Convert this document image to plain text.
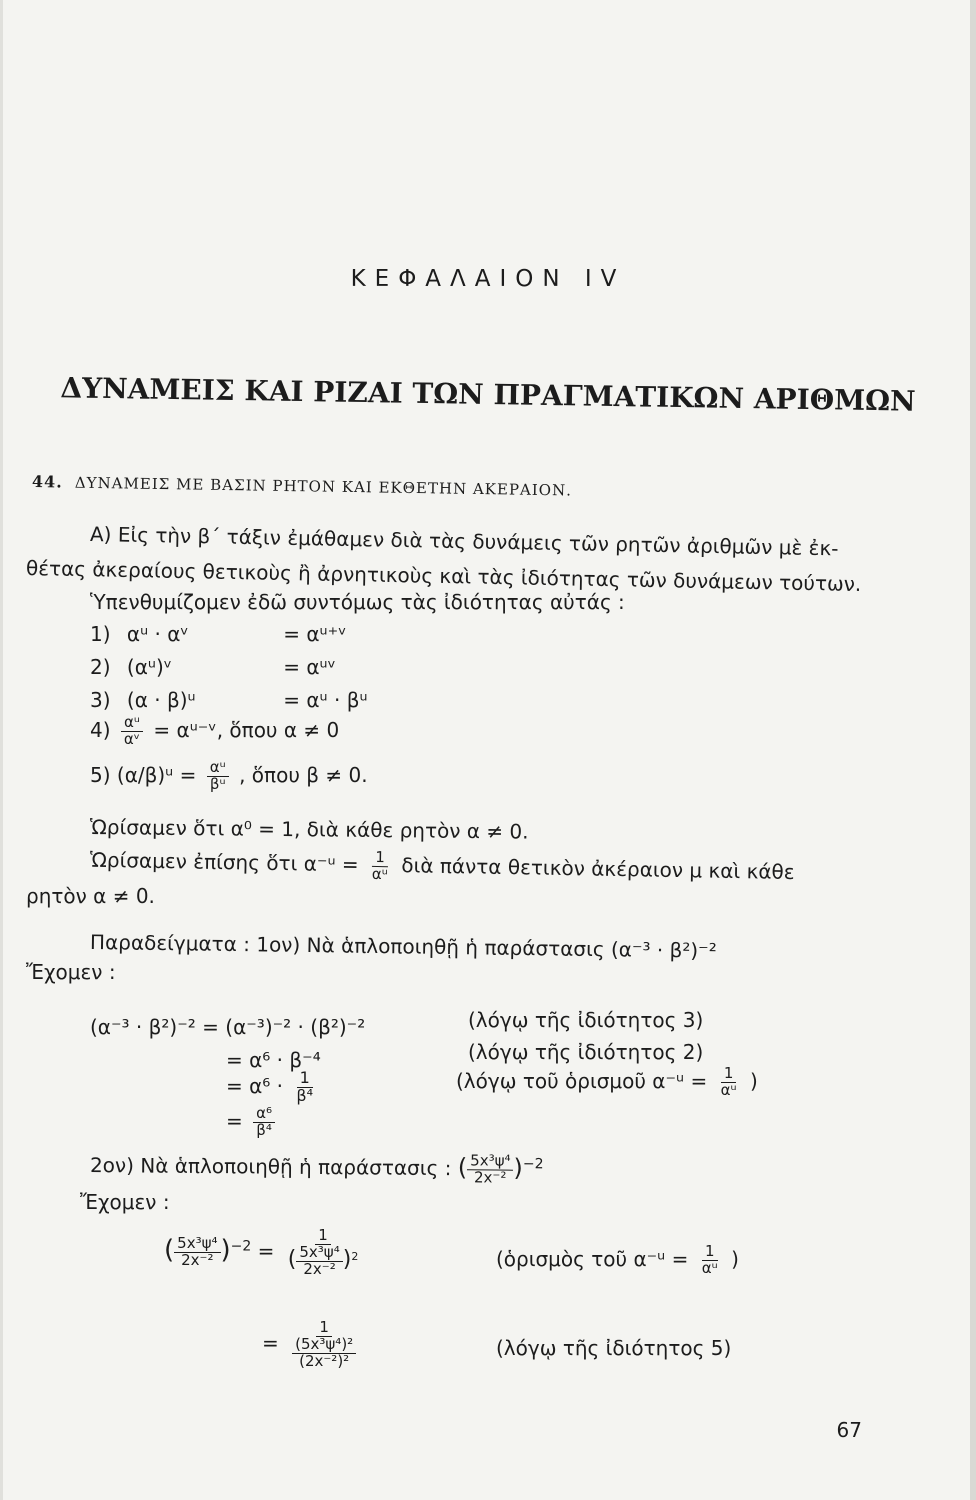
ΚΕΦΑΛΑΙΟΝ IV
ΔΥΝΑΜΕΙΣ ΚΑΙ ΡΙΖΑΙ ΤΩΝ ΠΡΑΓΜΑΤΙΚΩΝ ΑΡΙΘΜΩΝ
44. ΔΥΝΑΜΕΙΣ ΜΕ ΒΑΣΙΝ ΡΗΤΟΝ ΚΑΙ ΕΚΘΕΤΗΝ ΑΚΕΡΑΙΟΝ.
Α) Εἰς τὴν β΄ τάξιν ἐμάθαμεν διὰ τὰς δυνάμεις τῶν ρητῶν ἀριθμῶν μὲ ἐκ-
θέτας ἀκεραίους θετικοὺς ἢ ἀρνητικοὺς καὶ τὰς ἰδιότητας τῶν δυνάμεων τούτων.
Ὑπενθυμίζομεν ἐδῶ συντόμως τὰς ἰδιότητας αὐτάς :
1) αᵘ · αᵛ	= αᵘ⁺ᵛ
2) (αᵘ)ᵛ	= αᵘᵛ
3) (α · β)ᵘ	= αᵘ · βᵘ
$4) \frac{\text{αᵘ}}{\text{αᵛ}}$ = αᵘ⁻ᵛ, ὅπου α ≠ 0
5) (α/β)ᵘ = $\frac{\text{αᵘ}}{\text{βᵘ}}$ , ὅπου β ≠ 0.
Ὡρίσαμεν ὅτι α⁰ = 1, διὰ κάθε ρητὸν α ≠ 0.
Ὡρίσαμεν ἐπίσης ὅτι α⁻ᵘ = $\frac{1}{\text{αᵘ}}$ διὰ πάντα θετικὸν ἀκέραιον μ καὶ κάθε
ρητὸν α ≠ 0.
Παραδείγματα : 1ον) Νὰ ἁπλοποιηθῇ ἡ παράστασις (α⁻³ · β²)⁻²
Ἔχομεν :
(α⁻³ · β²)⁻² = (α⁻³)⁻² · (β²)⁻²	(λόγῳ τῆς ἰδιότητος 3)
= α⁶ · β⁻⁴	(λόγῳ τῆς ἰδιότητος 2)
= $\alpha^6 \cdot \frac{1}{\text{β⁴}}$	(λόγῳ τοῦ ὁρισμοῦ α⁻ᵘ = $\frac{1}{\text{αᵘ}}$ )
= $\frac{\text{α⁶}}{\text{β⁴}}$
2ον) Νὰ ἁπλοποιηθῇ ἡ παράστασις : ( $\frac{\text{5x³ψ⁴}}{\text{2x⁻²}} )^{-2}$
Ἔχομεν :
( $\frac{\text{5x³ψ⁴}}{\text{2x⁻²}} )^{-2} = \frac{1}{( \frac{\text{5x³ψ⁴}}{\text{2x⁻²}} )^2}$	(ὁρισμὸς τοῦ α⁻ᵘ = $\frac{1}{\text{αᵘ}}$ )
= $\frac{1}{\frac{\text{(5x³ψ⁴)²}}{\text{(2x⁻²)²}}}$	(λόγῳ τῆς ἰδιότητος 5)
67
